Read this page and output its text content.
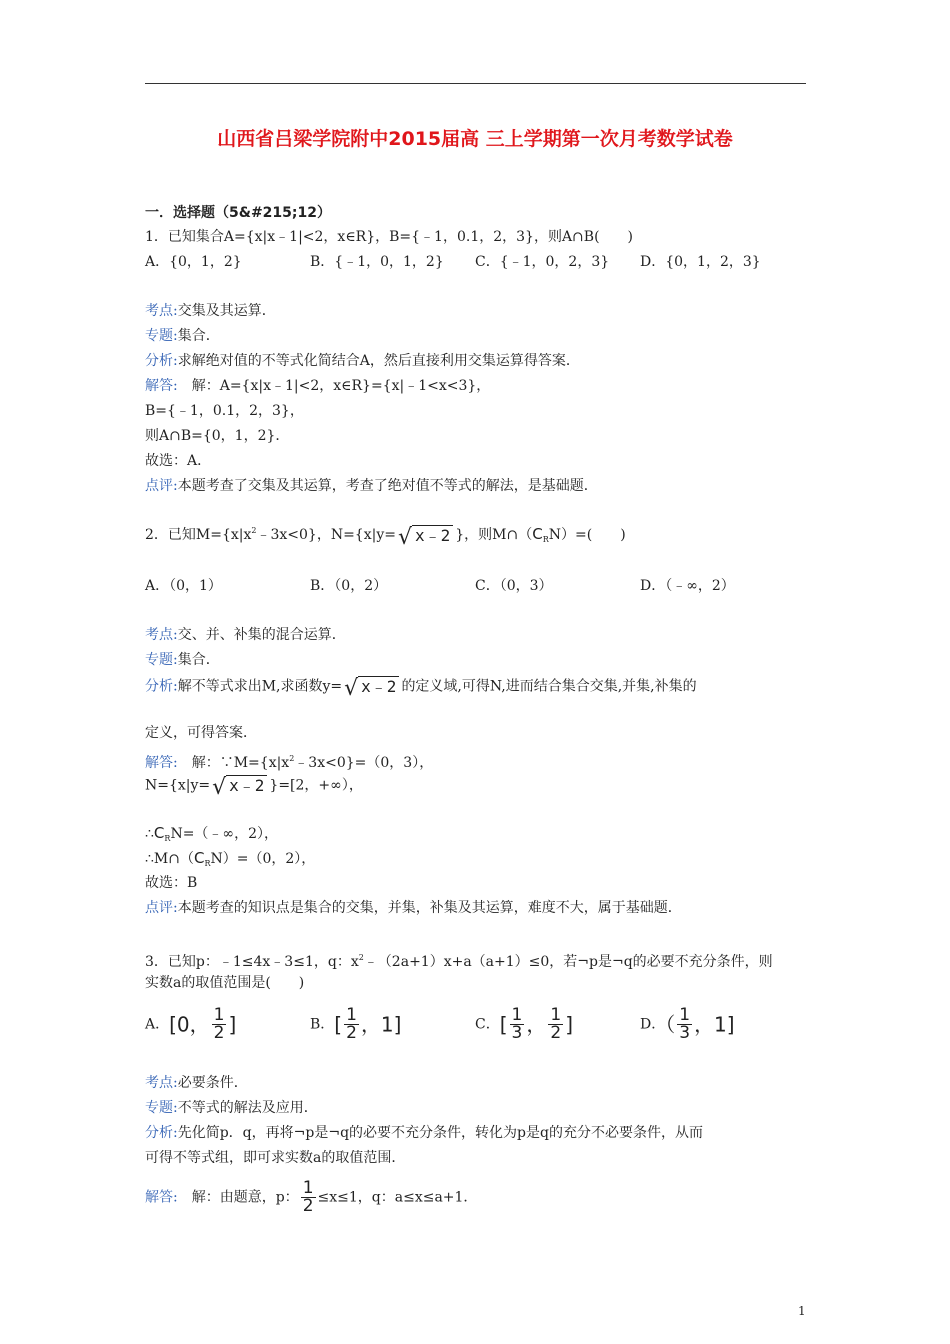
山西省吕梁学院附中2015届高 三上学期第一次月考数学试卷
一．选择题（5&#215;12）
1．已知集合A={x|x﹣1|<2，x∈R}，B={﹣1，0.1，2，3}，则A∩B(　　)
A．{0，1，2}	B．{﹣1，0，1，2} C．{﹣1，0，2，3} D．{0，1，2，3}
考点:交集及其运算．
专题:集合．
分析:求解绝对值的不等式化简结合A，然后直接利用交集运算得答案．
解答:　解：A={x|x﹣1|<2，x∈R}={x|﹣1<x<3}，
B={﹣1，0.1，2，3}，
则A∩B={0，1，2}．
故选：A．
点评:本题考查了交集及其运算，考查了绝对值不等式的解法，是基础题．
2．已知$M=\{x|x^2﹣3x<0\}$，N={x|y= √ x﹣2 }，则$M\cap(C_RN)=$(　　)
A．（0，1）	B．（0，2）	C．（0，3）	D．（﹣∞，2）
考点:交、并、补集的混合运算．
专题:集合．
分析:解不等式求出M,求函数y= √ x﹣2 的定义域,可得N,进而结合集合交集,并集,补集的
定义，可得答案．
解答:　解：$\because M=\{x|x^2﹣3x<0\}=(0$，3），
N={x|y= √ x﹣2 }=[2，+∞），
$\therefore C_RN=(﹣\infty$，2），
$\therefore M\cap(C_RN)=(0$，2），
故选：B
点评:本题考查的知识点是集合的交集，并集，补集及其运算，难度不大，属于基础题．
3．已知p：﹣1≤4x﹣3≤1，q：$x^2﹣(2a+1)x+a(a+1)\le 0$，若¬p是¬q的必要不充分条件，则
实数a的取值范围是(　　)
A．[0， $\frac{1}{2}$ ]	B．[ $\frac{1}{2}$ ，1]	C．[ $\frac{1}{3}$ ， $\frac{1}{2}$ ]	D．（ $\frac{1}{3}$ ，1]
考点:必要条件．
专题:不等式的解法及应用．
分析:先化简p．q，再将¬p是¬q的必要不充分条件，转化为p是q的充分不必要条件，从而
可得不等式组，即可求实数a的取值范围．
解答:　解：由题意，p： $\frac{1}{2} \le x\le 1$，q：a≤x≤a+1．
1
